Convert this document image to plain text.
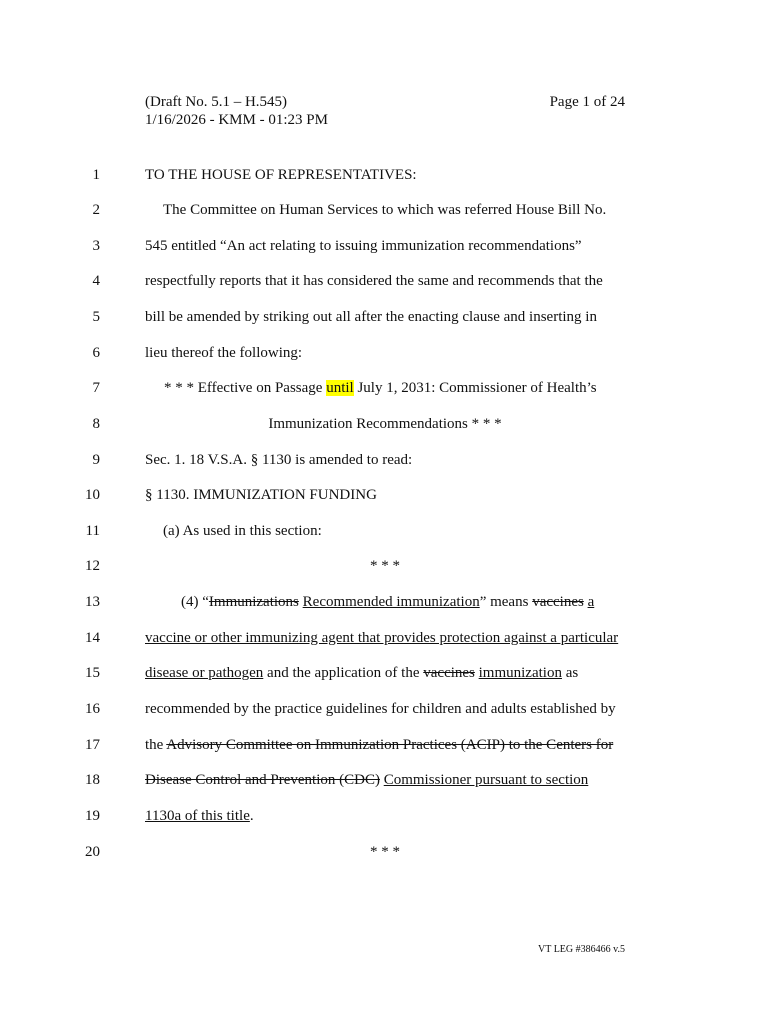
(Draft No. 5.1 – H.545)
1/16/2026 - KMM - 01:23 PM
Page 1 of 24
1
2
3
4
5
6
7
8
9
10
11
12
13
14
15
16
17
18
19
20
TO THE HOUSE OF REPRESENTATIVES:
The Committee on Human Services to which was referred House Bill No.
545 entitled “An act relating to issuing immunization recommendations”
respectfully reports that it has considered the same and recommends that the
bill be amended by striking out all after the enacting clause and inserting in
lieu thereof the following:
* * * Effective on Passage until July 1, 2031: Commissioner of Health’s
Immunization Recommendations * * *
Sec. 1. 18 V.S.A. § 1130 is amended to read:
§ 1130. IMMUNIZATION FUNDING
(a) As used in this section:
* * *
(4) “Immunizations Recommended immunization” means vaccines a
vaccine or other immunizing agent that provides protection against a particular
disease or pathogen and the application of the vaccines immunization as
recommended by the practice guidelines for children and adults established by
the Advisory Committee on Immunization Practices (ACIP) to the Centers for
Disease Control and Prevention (CDC) Commissioner pursuant to section
1130a of this title.
* * *
VT LEG #386466 v.5
